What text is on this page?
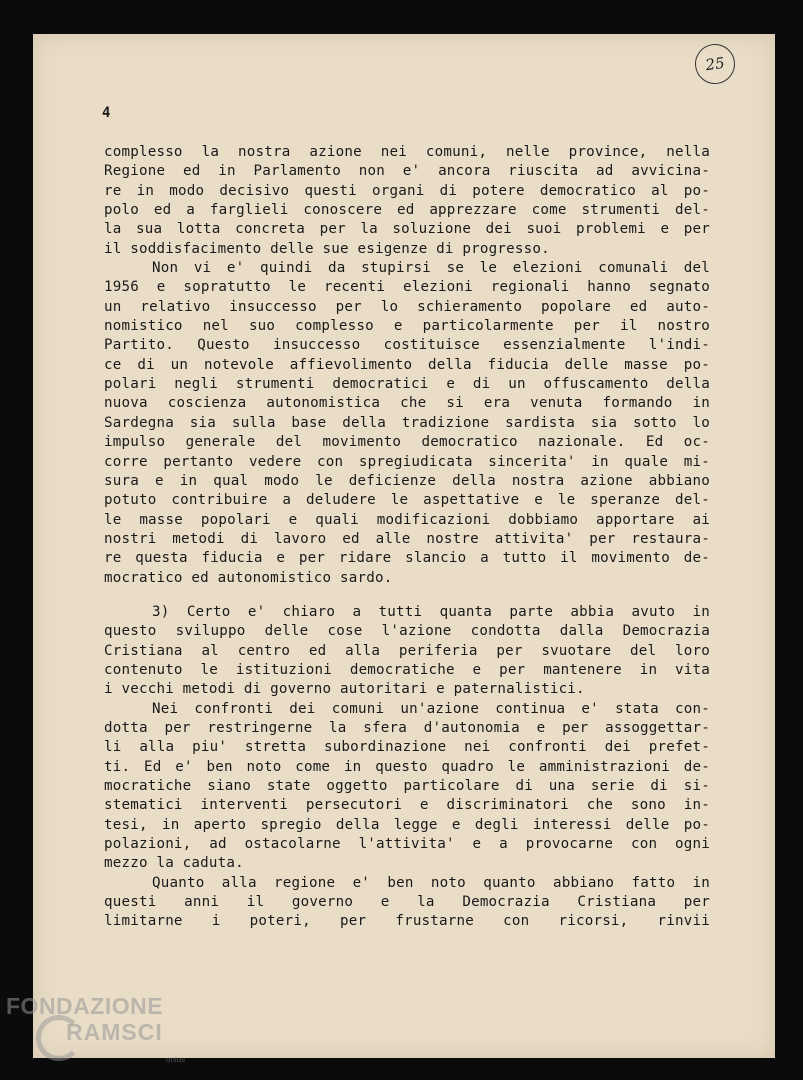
25
4
complesso la nostra azione nei comuni, nelle province, nella
Regione ed in Parlamento non e' ancora riuscita ad avvicina-
re in modo decisivo questi organi di potere democratico al po-
polo ed a farglieli conoscere ed apprezzare come strumenti del-
la sua lotta concreta per la soluzione dei suoi problemi e per
il soddisfacimento delle sue esigenze di progresso.
Non vi e' quindi da stupirsi se le elezioni comunali del
1956 e sopratutto le recenti elezioni regionali hanno segnato
un relativo insuccesso per lo schieramento popolare ed auto-
nomistico nel suo complesso e particolarmente per il nostro
Partito. Questo insuccesso costituisce essenzialmente l'indi-
ce di un notevole affievolimento della fiducia delle masse po-
polari negli strumenti democratici e di un offuscamento della
nuova coscienza autonomistica che si era venuta formando in
Sardegna sia sulla base della tradizione sardista sia sotto lo
impulso generale del movimento democratico nazionale. Ed oc-
corre pertanto vedere con spregiudicata sincerita' in quale mi-
sura e in qual modo le deficienze della nostra azione abbiano
potuto contribuire a deludere le aspettative e le speranze del-
le masse popolari e quali modificazioni dobbiamo apportare ai
nostri metodi di lavoro ed alle nostre attivita' per restaura-
re questa fiducia e per ridare slancio a tutto il movimento de-
mocratico ed autonomistico sardo.
3) Certo e' chiaro a tutti quanta parte abbia avuto in
questo sviluppo delle cose l'azione condotta dalla Democrazia
Cristiana al centro ed alla periferia per svuotare del loro
contenuto le istituzioni democratiche e per mantenere in vita
i vecchi metodi di governo autoritari e paternalistici.
Nei confronti dei comuni un'azione continua e' stata con-
dotta per restringerne la sfera d'autonomia e per assoggettar-
li alla piu' stretta subordinazione nei confronti dei prefet-
ti. Ed e' ben noto come in questo quadro le amministrazioni de-
mocratiche siano state oggetto particolare di una serie di si-
stematici interventi persecutori e discriminatori che sono in-
tesi, in aperto spregio della legge e degli interessi delle po-
polazioni, ad ostacolarne l'attivita' e a provocarne con ogni
mezzo la caduta.
Quanto alla regione e' ben noto quanto abbiano fatto in
questi anni il governo e la Democrazia Cristiana per
limitarne i poteri, per frustarne con ricorsi, rinvii
FONDAZIONE
RAMSCI
onlus
